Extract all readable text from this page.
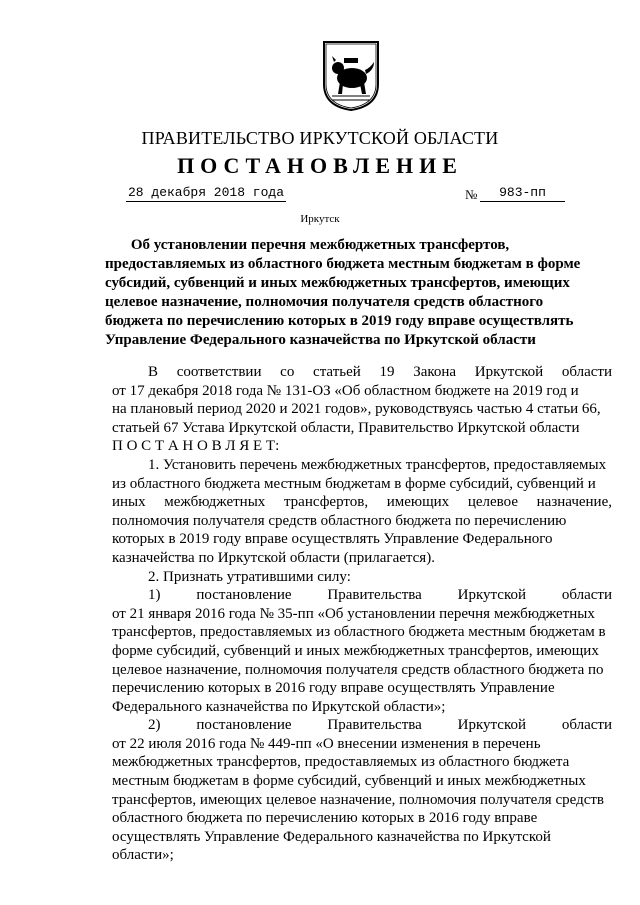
ПРАВИТЕЛЬСТВО ИРКУТСКОЙ ОБЛАСТИ
ПОСТАНОВЛЕНИЕ
28 декабря 2018 года	№	983-пп
Иркутск
Об установлении перечня межбюджетных трансфертов,
предоставляемых из областного бюджета местным бюджетам в форме
субсидий, субвенций и иных межбюджетных трансфертов, имеющих
целевое назначение, полномочия получателя средств областного
бюджета по перечислению которых в 2019 году вправе осуществлять
Управление Федерального казначейства по Иркутской области
В соответствии со статьей 19 Закона Иркутской области
от 17 декабря 2018 года № 131-ОЗ «Об областном бюджете на 2019 год и
на плановый период 2020 и 2021 годов», руководствуясь частью 4 статьи 66,
статьей 67 Устава Иркутской области, Правительство Иркутской области
П О С Т А Н О В Л Я Е Т:
1. Установить перечень межбюджетных трансфертов, предоставляемых
из областного бюджета местным бюджетам в форме субсидий, субвенций и
иных межбюджетных трансфертов, имеющих целевое назначение,
полномочия получателя средств областного бюджета по перечислению
которых в 2019 году вправе осуществлять Управление Федерального
казначейства по Иркутской области (прилагается).
2. Признать утратившими силу:
1) постановление Правительства Иркутской области
от 21 января 2016 года № 35-пп «Об установлении перечня межбюджетных
трансфертов, предоставляемых из областного бюджета местным бюджетам в
форме субсидий, субвенций и иных межбюджетных трансфертов, имеющих
целевое назначение, полномочия получателя средств областного бюджета по
перечислению которых в 2016 году вправе осуществлять Управление
Федерального казначейства по Иркутской области»;
2) постановление Правительства Иркутской области
от 22 июля 2016 года № 449-пп «О внесении изменения в перечень
межбюджетных трансфертов, предоставляемых из областного бюджета
местным бюджетам в форме субсидий, субвенций и иных межбюджетных
трансфертов, имеющих целевое назначение, полномочия получателя средств
областного бюджета по перечислению которых в 2016 году вправе
осуществлять Управление Федерального казначейства по Иркутской
области»;
